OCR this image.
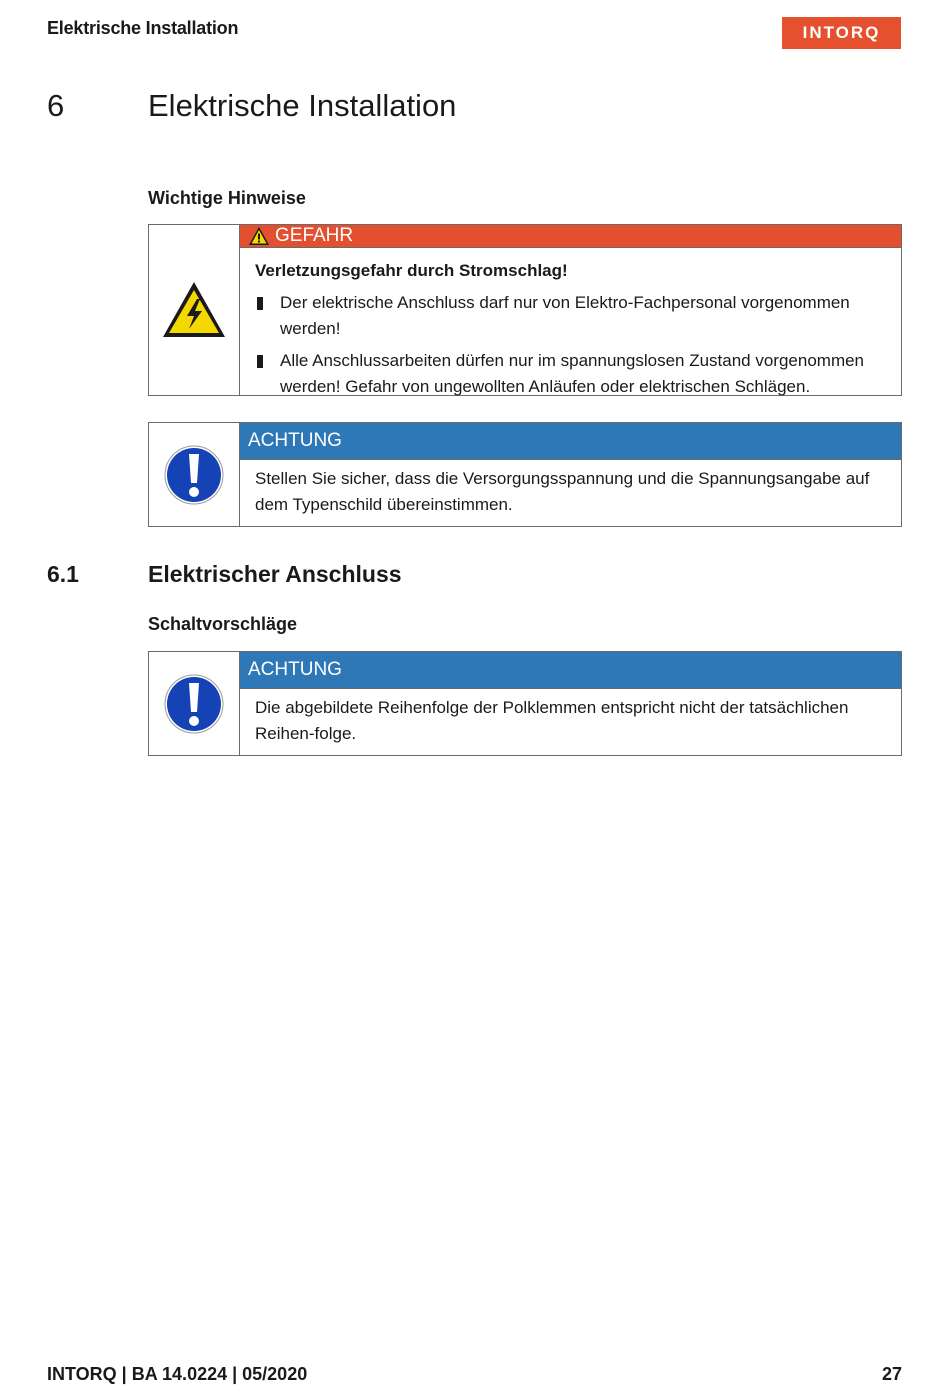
Elektrische Installation	INTORQ
6	Elektrische Installation
Wichtige Hinweise
GEFAHR
Verletzungsgefahr durch Stromschlag!
Der elektrische Anschluss darf nur von Elektro-Fachpersonal vorgenommen werden!
Alle Anschlussarbeiten dürfen nur im spannungslosen Zustand vorgenommen werden! Gefahr von ungewollten Anläufen oder elektrischen Schlägen.
ACHTUNG
Stellen Sie sicher, dass die Versorgungsspannung und die Spannungsangabe auf dem Typenschild übereinstimmen.
6.1	Elektrischer Anschluss
Schaltvorschläge
ACHTUNG
Die abgebildete Reihenfolge der Polklemmen entspricht nicht der tatsächlichen Reihen-folge.
INTORQ | BA 14.0224 | 05/2020	27
